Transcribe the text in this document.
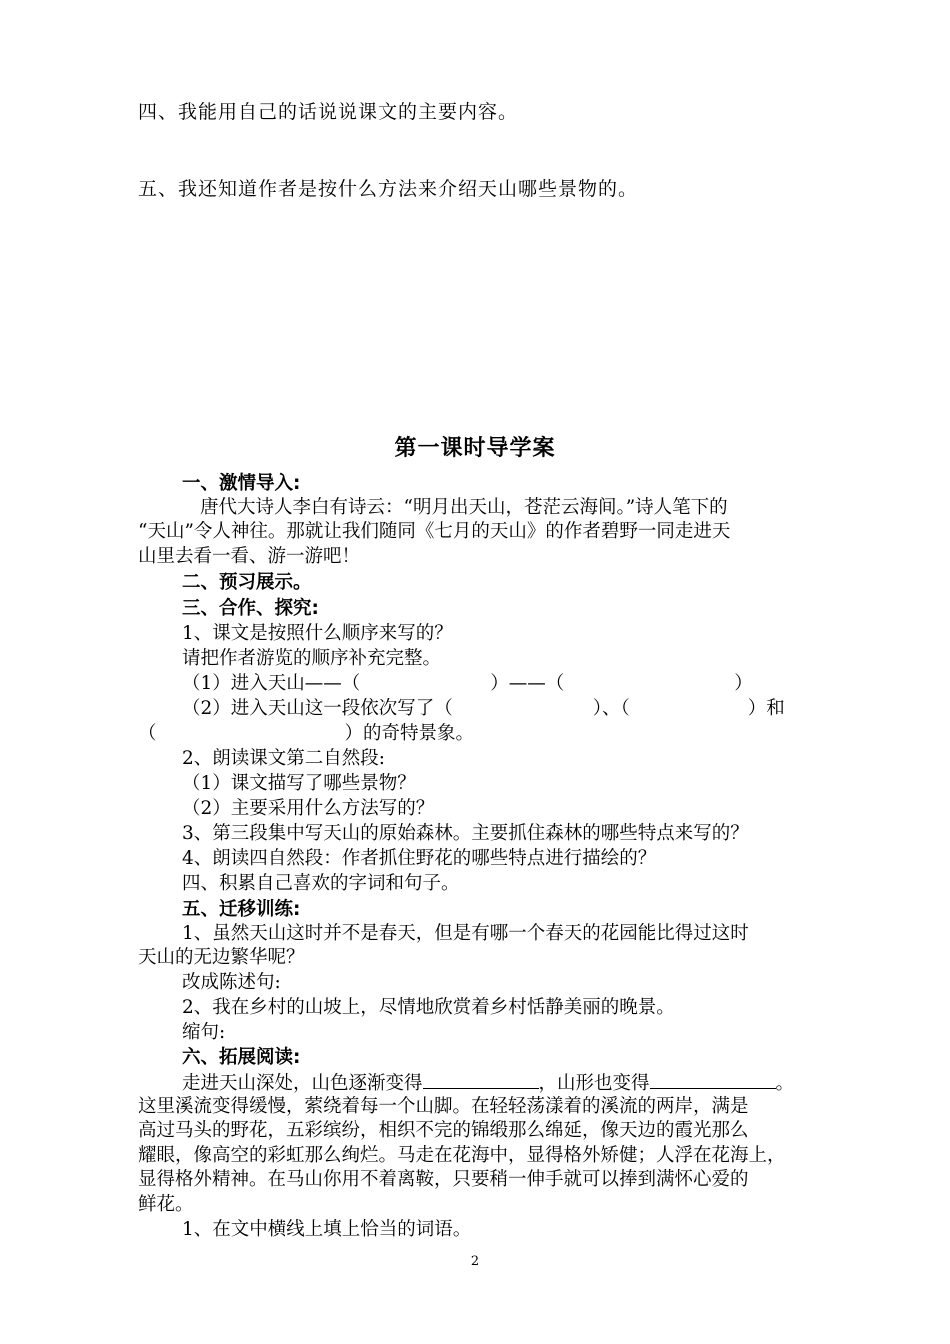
四、我能用自己的话说说课文的主要内容。
五、我还知道作者是按什么方法来介绍天山哪些景物的。
第一课时导学案
一、激情导入:
唐代大诗人李白有诗云：“明月出天山，苍茫云海间。”诗人笔下的
“天山”令人神往。那就让我们随同《七月的天山》的作者碧野一同走进天
山里去看一看、游一游吧！
二、预习展示。
三、合作、探究:
1、课文是按照什么顺序来写的？
请把作者游览的顺序补充完整。
（1）进入天山——（	）——（	）
（2）进入天山这一段依次写了（	）、（	）和
（	）的奇特景象。
2、朗读课文第二自然段:
（1）课文描写了哪些景物？
（2）主要采用什么方法写的？
3、第三段集中写天山的原始森林。主要抓住森林的哪些特点来写的？
4、朗读四自然段：作者抓住野花的哪些特点进行描绘的？
四、积累自己喜欢的字词和句子。
五、迁移训练:
1、虽然天山这时并不是春天，但是有哪一个春天的花园能比得过这时
天山的无边繁华呢？
改成陈述句:
2、我在乡村的山坡上，尽情地欣赏着乡村恬静美丽的晚景。
缩句:
六、拓展阅读:
走进天山深处，山色逐渐变得	，山形也变得	。
这里溪流变得缓慢，萦绕着每一个山脚。在轻轻荡漾着的溪流的两岸，满是
高过马头的野花，五彩缤纷，相织不完的锦缎那么绵延，像天边的霞光那么
耀眼，像高空的彩虹那么绚烂。马走在花海中，显得格外矫健；人浮在花海上，
显得格外精神。在马山你用不着离鞍，只要稍一伸手就可以捧到满怀心爱的
鲜花。
1、在文中横线上填上恰当的词语。
2
